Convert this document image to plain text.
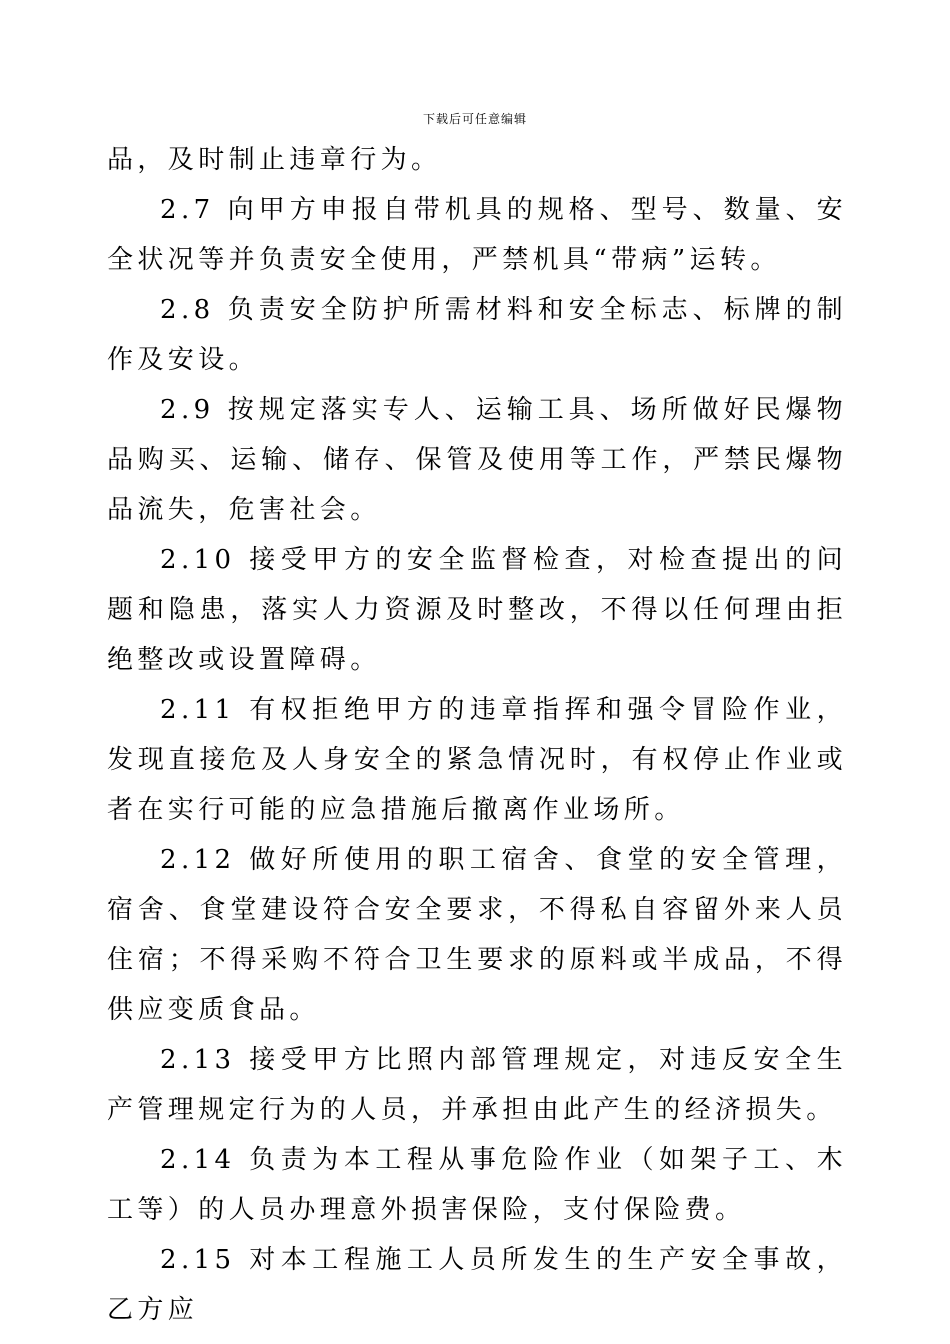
下载后可任意编辑

品，及时制止违章行为。

2.7 向甲方申报自带机具的规格、型号、数量、安全状况等并负责安全使用，严禁机具“带病”运转。

2.8 负责安全防护所需材料和安全标志、标牌的制作及安设。

2.9 按规定落实专人、运输工具、场所做好民爆物品购买、运输、储存、保管及使用等工作，严禁民爆物品流失，危害社会。

2.10 接受甲方的安全监督检查，对检查提出的问题和隐患，落实人力资源及时整改，不得以任何理由拒绝整改或设置障碍。

2.11 有权拒绝甲方的违章指挥和强令冒险作业，发现直接危及人身安全的紧急情况时，有权停止作业或者在实行可能的应急措施后撤离作业场所。

2.12 做好所使用的职工宿舍、食堂的安全管理，宿舍、食堂建设符合安全要求，不得私自容留外来人员住宿；不得采购不符合卫生要求的原料或半成品，不得供应变质食品。

2.13 接受甲方比照内部管理规定，对违反安全生产管理规定行为的人员，并承担由此产生的经济损失。

2.14 负责为本工程从事危险作业（如架子工、木工等）的人员办理意外损害保险，支付保险费。

2.15 对本工程施工人员所发生的生产安全事故，乙方应
